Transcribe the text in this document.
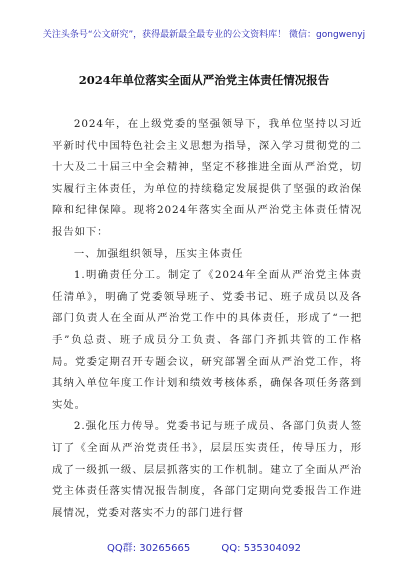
关注头条号“公文研究”，获得最新最全最专业的公文资料库！ 微信：gongwenyj
2024年单位落实全面从严治党主体责任情况报告

2024年，在上级党委的坚强领导下，我单位坚持以习近平新时代中国特色社会主义思想为指导，深入学习贯彻党的二十大及二十届三中全会精神，坚定不移推进全面从严治党，切实履行主体责任，为单位的持续稳定发展提供了坚强的政治保障和纪律保障。现将2024年落实全面从严治党主体责任情况报告如下：

一、加强组织领导，压实主体责任

1.明确责任分工。制定了《2024年全面从严治党主体责任清单》，明确了党委领导班子、党委书记、班子成员以及各部门负责人在全面从严治党工作中的具体责任，形成了“一把手”负总责、班子成员分工负责、各部门齐抓共管的工作格局。党委定期召开专题会议，研究部署全面从严治党工作，将其纳入单位年度工作计划和绩效考核体系，确保各项任务落到实处。

2.强化压力传导。党委书记与班子成员、各部门负责人签订了《全面从严治党责任书》，层层压实责任，传导压力，形成了一级抓一级、层层抓落实的工作机制。建立了全面从严治党主体责任落实情况报告制度，各部门定期向党委报告工作进展情况，党委对落实不力的部门进行督

QQ群: 30265665	QQ: 535304092
